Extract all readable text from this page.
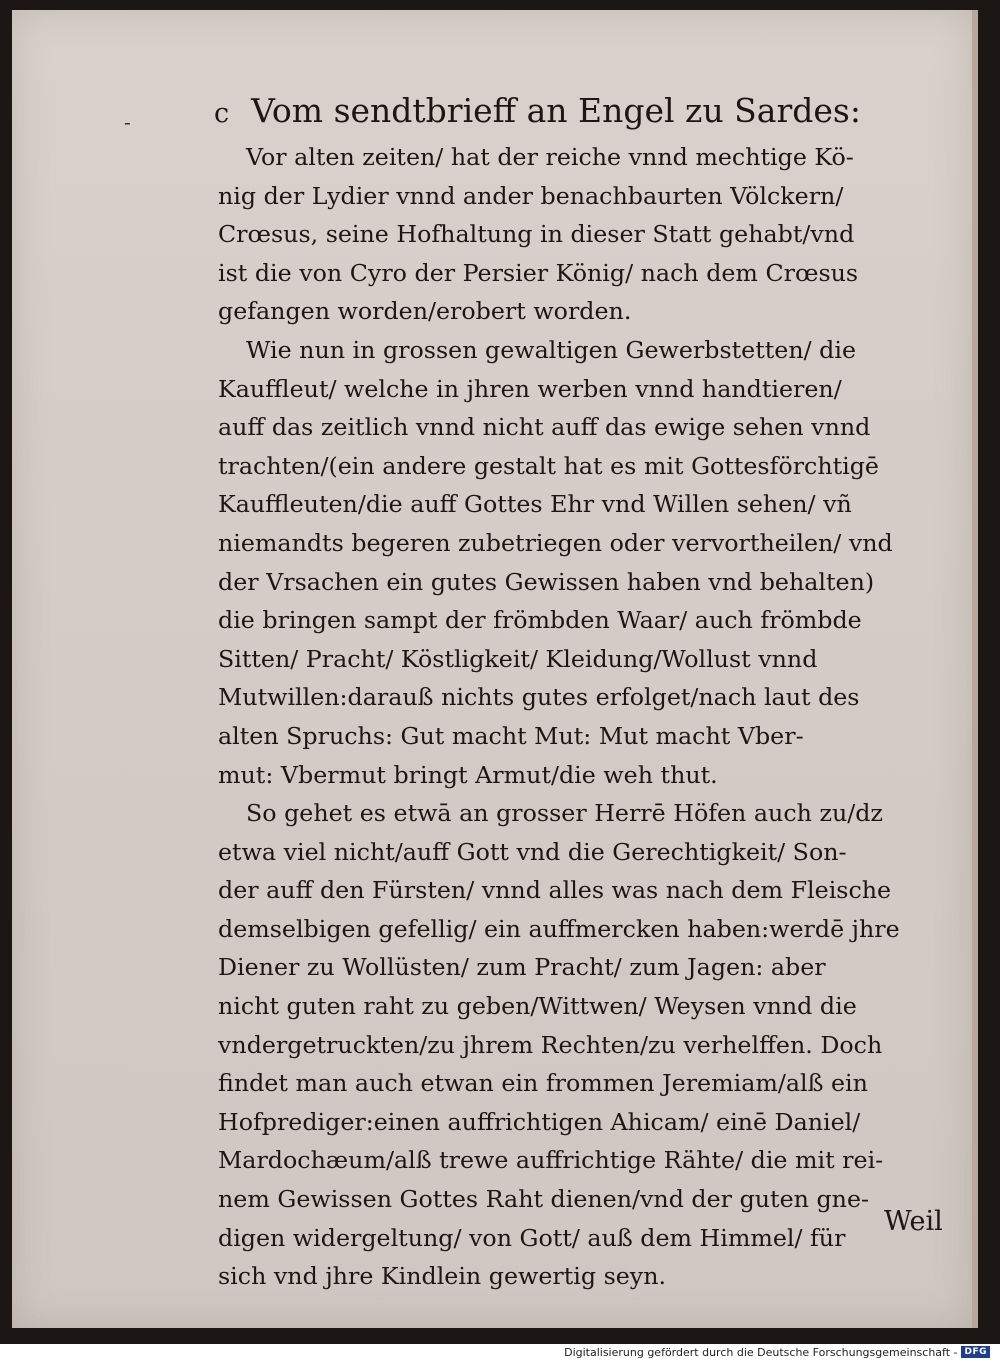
-	c Vom sendtbrieff an Engel zu Sardes:
Vor alten zeiten/ hat der reiche vnnd mechtige Kö-
nig der Lydier vnnd ander benachbaurten Völckern/
Crœsus, seine Hofhaltung in dieser Statt gehabt/vnd
ist die von Cyro der Persier König/ nach dem Crœsus
gefangen worden/erobert worden.
Wie nun in grossen gewaltigen Gewerbstetten/ die
Kauffleut/ welche in jhren werben vnnd handtieren/
auff das zeitlich vnnd nicht auff das ewige sehen vnnd
trachten/(ein andere gestalt hat es mit Gottesförchtigē
Kauffleuten/die auff Gottes Ehr vnd Willen sehen/ vñ
niemandts begeren zubetriegen oder vervortheilen/ vnd
der Vrsachen ein gutes Gewissen haben vnd behalten)
die bringen sampt der frömbden Waar/ auch frömbde
Sitten/ Pracht/ Köstligkeit/ Kleidung/Wollust vnnd
Mutwillen:darauß nichts gutes erfolget/nach laut des
alten Spruchs: Gut macht Mut: Mut macht Vber-
mut: Vbermut bringt Armut/die weh thut.
So gehet es etwā an grosser Herrē Höfen auch zu/dz
etwa viel nicht/auff Gott vnd die Gerechtigkeit/ Son-
der auff den Fürsten/ vnnd alles was nach dem Fleische
demselbigen gefellig/ ein auffmercken haben:werdē jhre
Diener zu Wollüsten/ zum Pracht/ zum Jagen: aber
nicht guten raht zu geben/Wittwen/ Weysen vnnd die
vndergetruckten/zu jhrem Rechten/zu verhelffen. Doch
findet man auch etwan ein frommen Jeremiam/alß ein
Hofprediger:einen auffrichtigen Ahicam/ einē Daniel/
Mardochæum/alß trewe auffrichtige Rähte/ die mit rei-
nem Gewissen Gottes Raht dienen/vnd der guten gne-
digen widergeltung/ von Gott/ auß dem Himmel/ für
sich vnd jhre Kindlein gewertig seyn.
Weil
Digitalisierung gefördert durch die Deutsche Forschungsgemeinschaft - DFG
